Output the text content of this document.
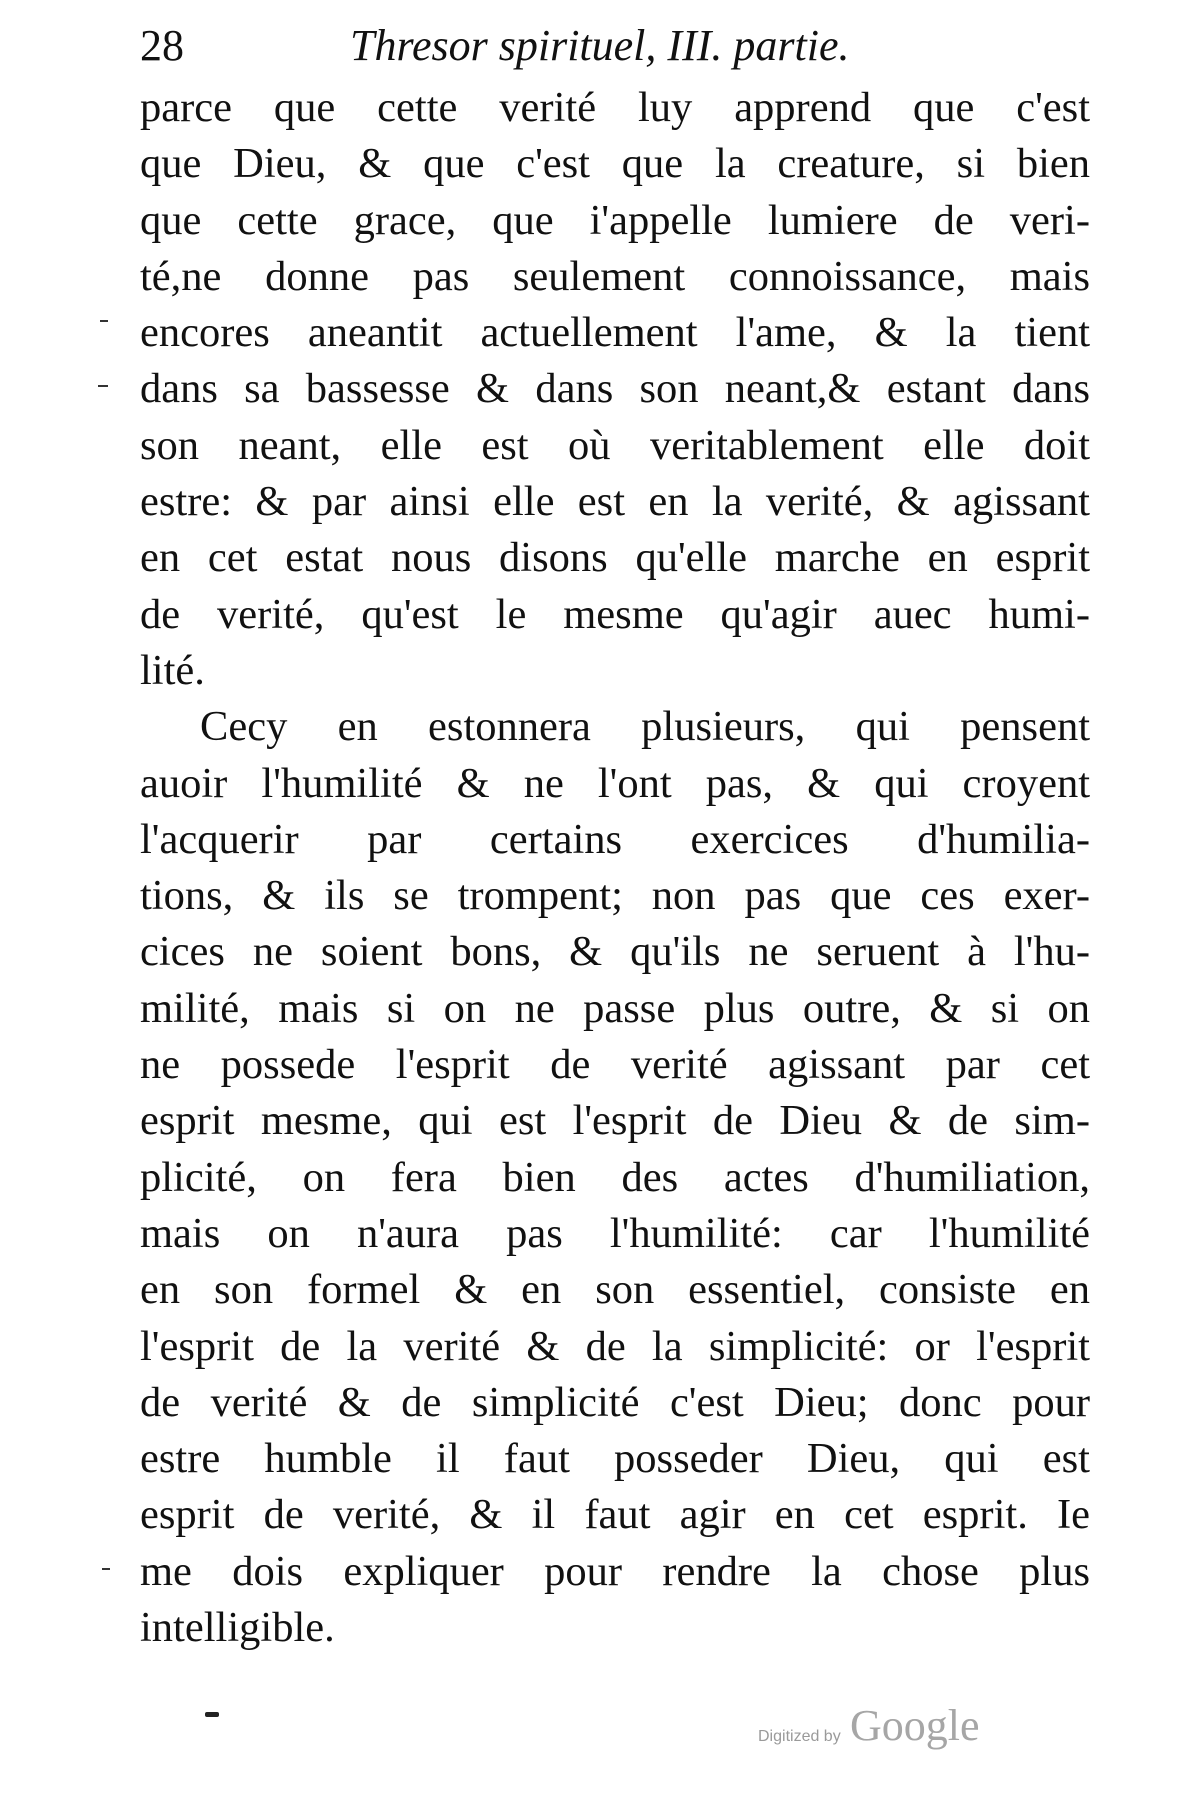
28	Thresor spirituel, III. partie.
parce que cette verité luy apprend que c'est
que Dieu, & que c'est que la creature, si bien
que cette grace, que i'appelle lumiere de veri-
té,ne donne pas seulement connoissance, mais
encores aneantit actuellement l'ame, & la tient
dans sa bassesse & dans son neant,& estant dans
son neant, elle est où veritablement elle doit
estre: & par ainsi elle est en la verité, & agissant
en cet estat nous disons qu'elle marche en esprit
de verité, qu'est le mesme qu'agir auec humi-
lité.
Cecy en estonnera plusieurs, qui pensent
auoir l'humilité & ne l'ont pas, & qui croyent
l'acquerir par certains exercices d'humilia-
tions, & ils se trompent; non pas que ces exer-
cices ne soient bons, & qu'ils ne seruent à l'hu-
milité, mais si on ne passe plus outre, & si on
ne possede l'esprit de verité agissant par cet
esprit mesme, qui est l'esprit de Dieu & de sim-
plicité, on fera bien des actes d'humiliation,
mais on n'aura pas l'humilité: car l'humilité
en son formel & en son essentiel, consiste en
l'esprit de la verité & de la simplicité: or l'esprit
de verité & de simplicité c'est Dieu; donc pour
estre humble il faut posseder Dieu, qui est
esprit de verité, & il faut agir en cet esprit. Ie
me dois expliquer pour rendre la chose plus
intelligible.
Digitized by Google
